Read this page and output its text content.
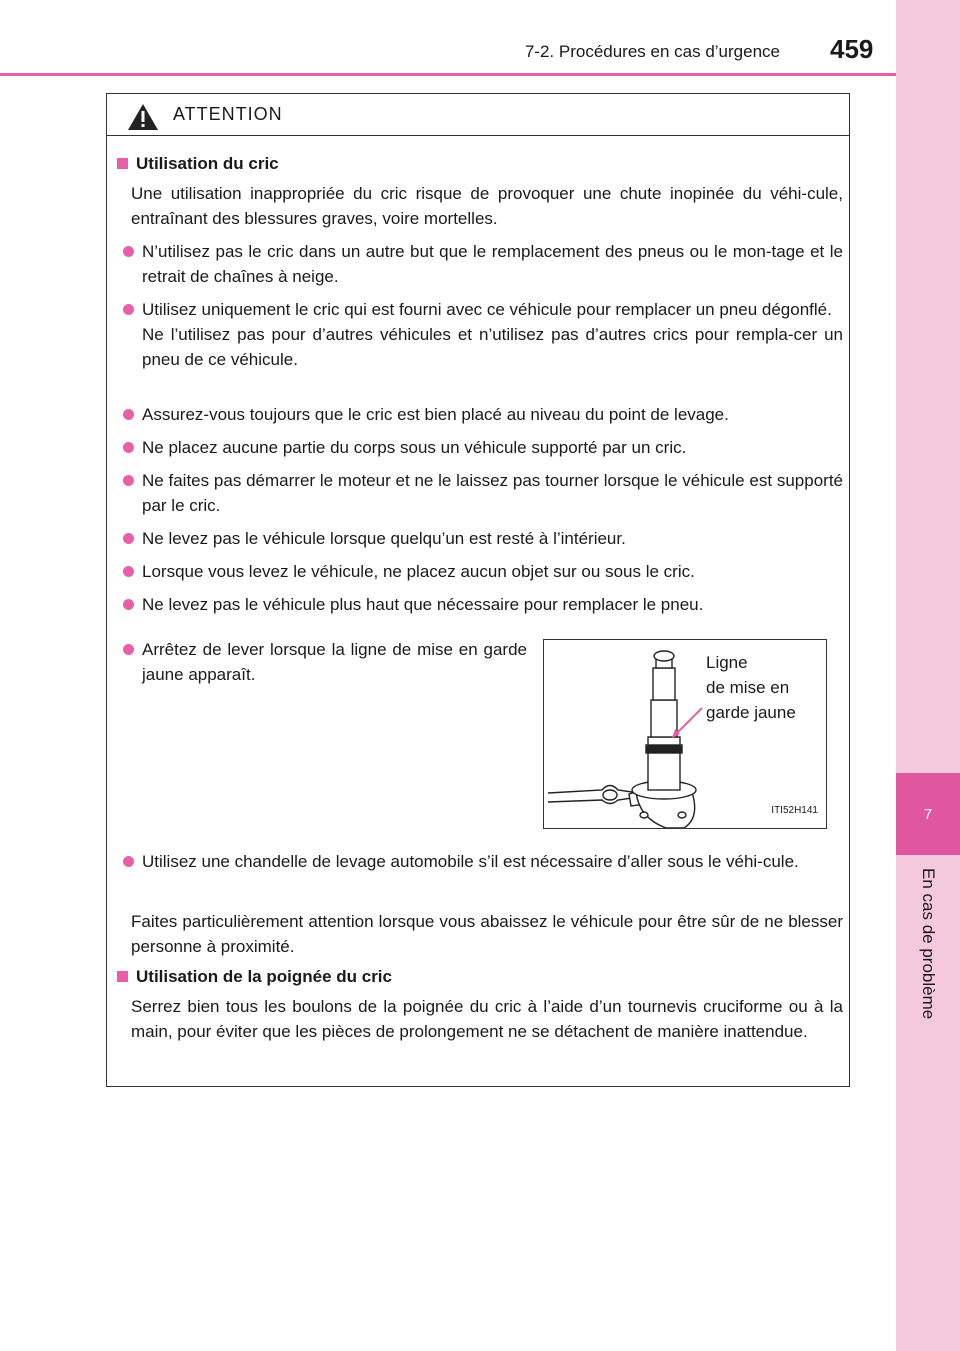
7-2. Procédures en cas d’urgence 459
7
En cas de problème
ATTENTION
Utilisation du cric
Une utilisation inappropriée du cric risque de provoquer une chute inopinée du véhi-cule, entraînant des blessures graves, voire mortelles.
N’utilisez pas le cric dans un autre but que le remplacement des pneus ou le mon-tage et le retrait de chaînes à neige.
Utilisez uniquement le cric qui est fourni avec ce véhicule pour remplacer un pneu dégonflé.
Ne l’utilisez pas pour d’autres véhicules et n’utilisez pas d’autres crics pour rempla-cer un pneu de ce véhicule.
Assurez-vous toujours que le cric est bien placé au niveau du point de levage.
Ne placez aucune partie du corps sous un véhicule supporté par un cric.
Ne faites pas démarrer le moteur et ne le laissez pas tourner lorsque le véhicule est supporté par le cric.
Ne levez pas le véhicule lorsque quelqu’un est resté à l’intérieur.
Lorsque vous levez le véhicule, ne placez aucun objet sur ou sous le cric.
Ne levez pas le véhicule plus haut que nécessaire pour remplacer le pneu.
Arrêtez de lever lorsque la ligne de mise en garde jaune apparaît.
Ligne
de mise en
garde jaune
ITI52H141
Utilisez une chandelle de levage automobile s’il est nécessaire d’aller sous le véhi-cule.
Faites particulièrement attention lorsque vous abaissez le véhicule pour être sûr de ne blesser personne à proximité.
Utilisation de la poignée du cric
Serrez bien tous les boulons de la poignée du cric à l’aide d’un tournevis cruciforme ou à la main, pour éviter que les pièces de prolongement ne se détachent de manière inattendue.
